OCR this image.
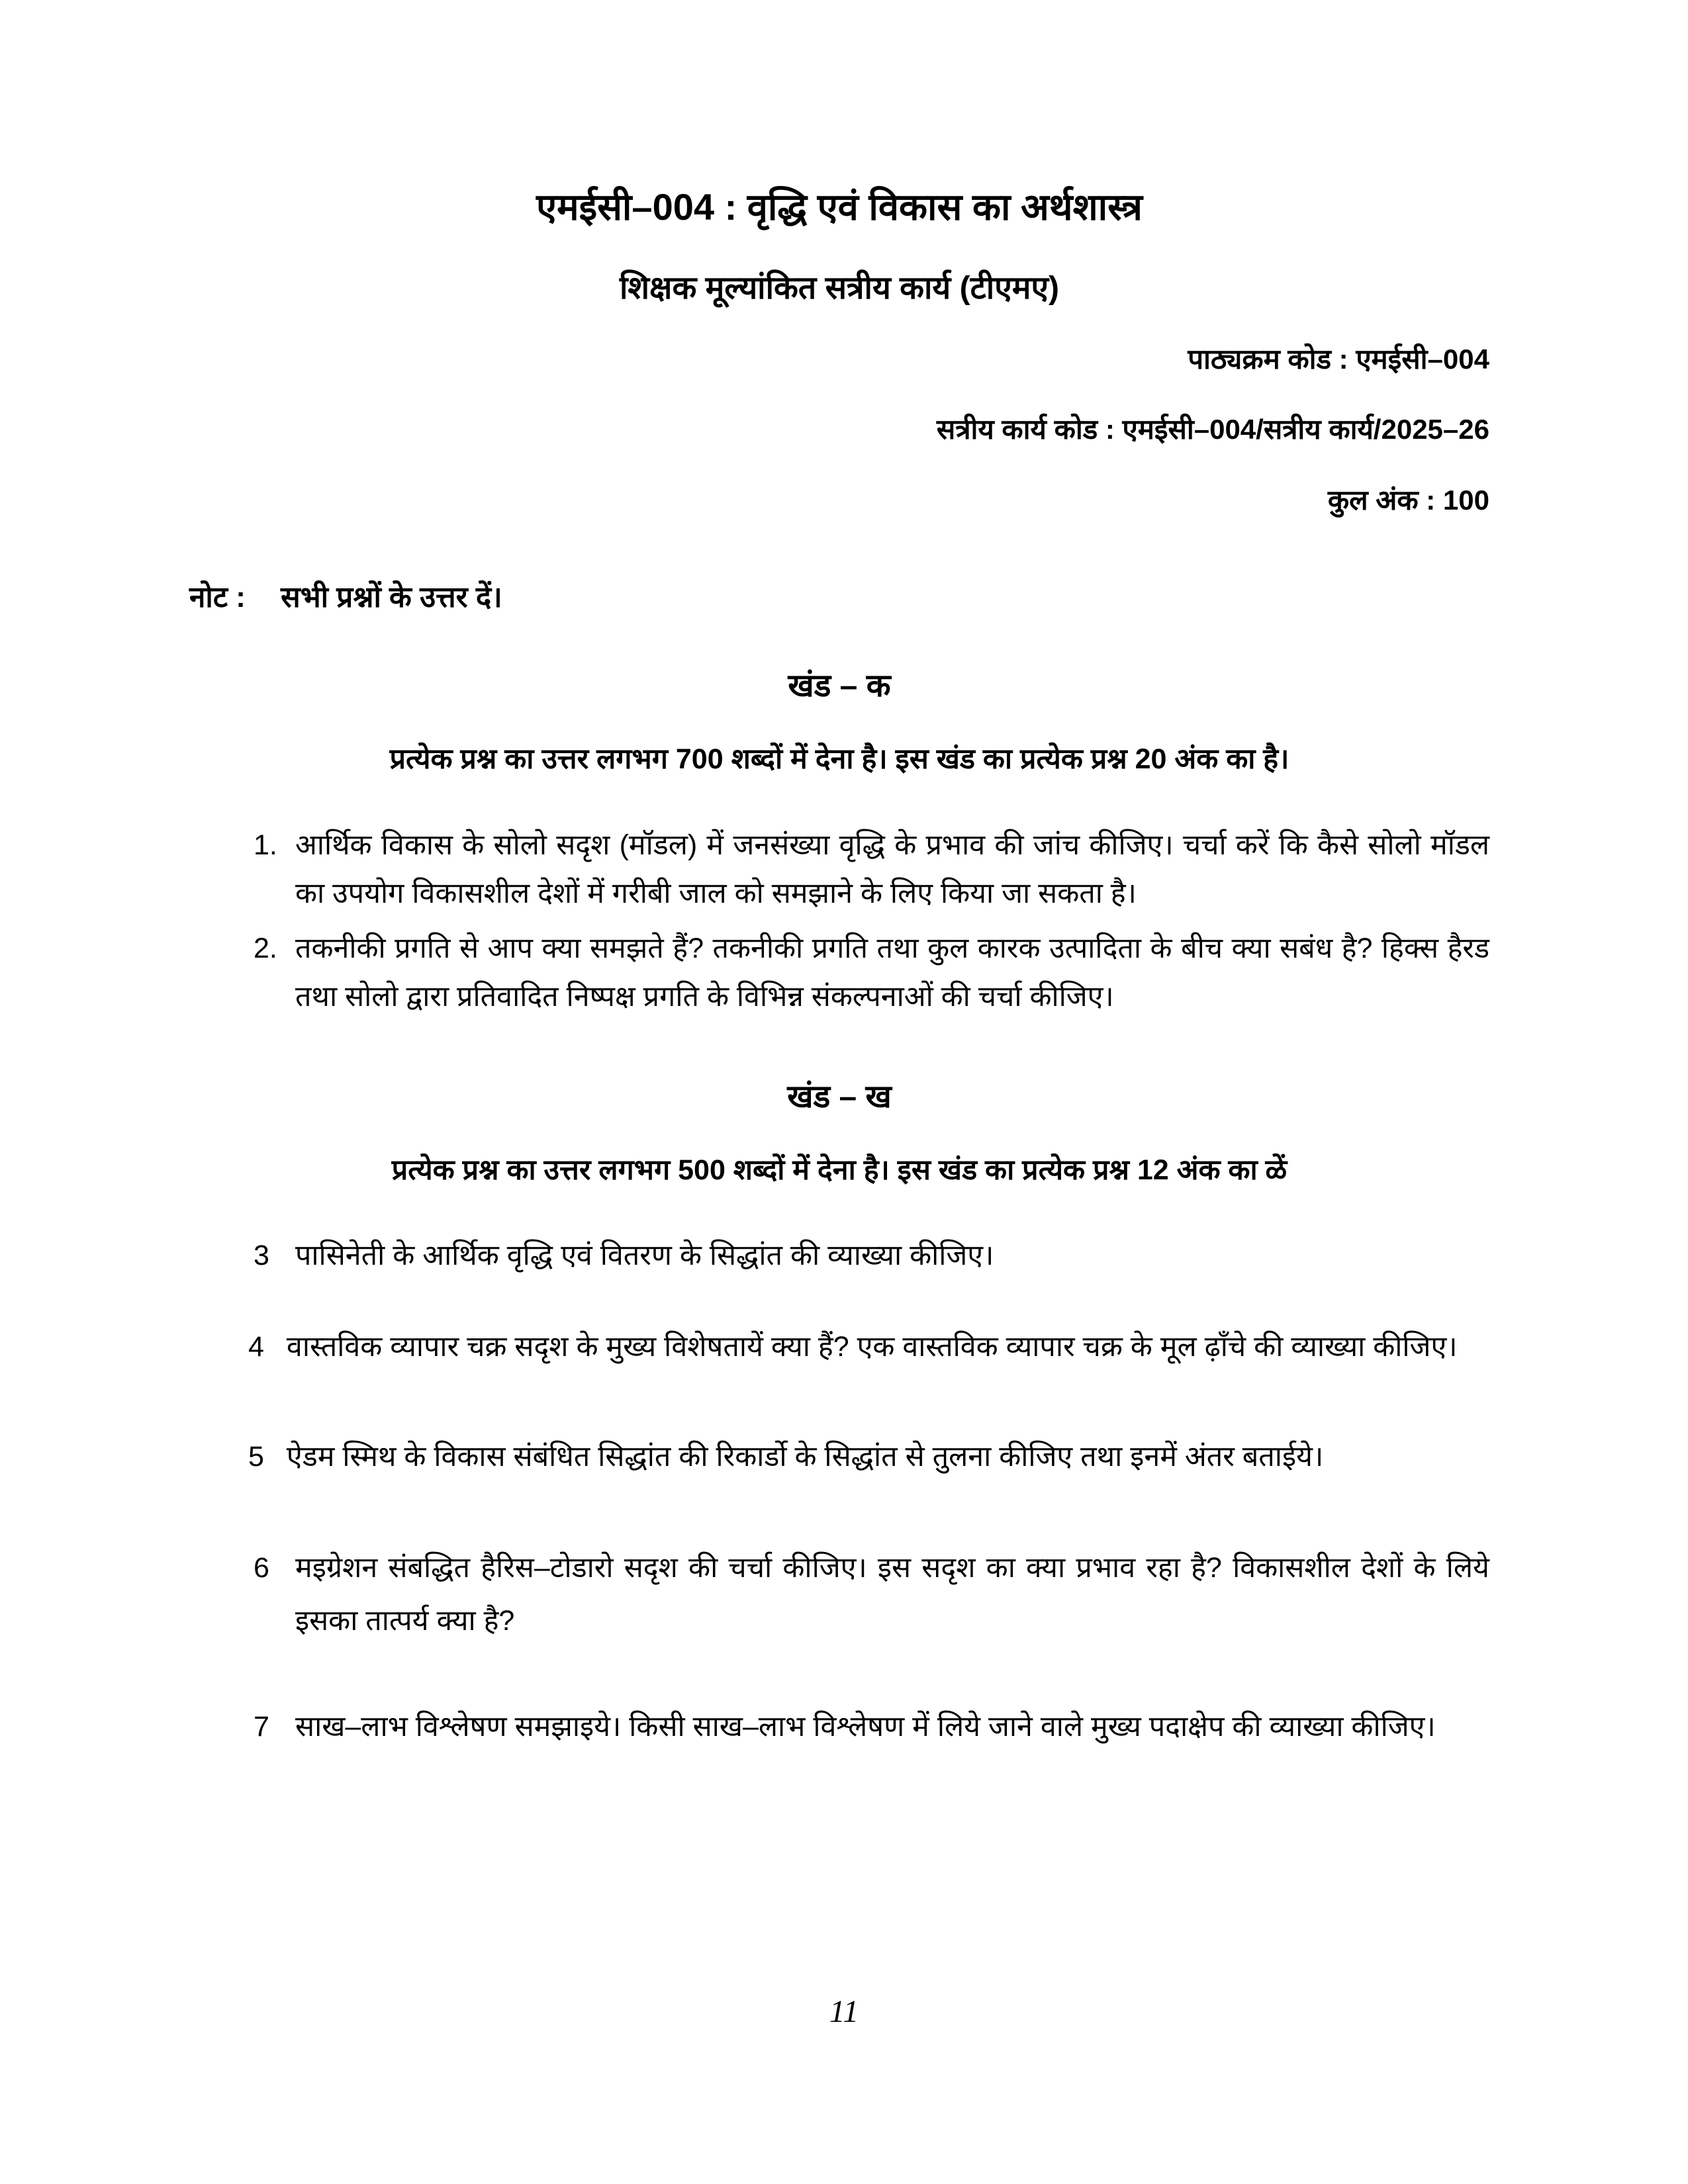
एमईसी–004 : वृद्धि एवं विकास का अर्थशास्त्र
शिक्षक मूल्यांकित सत्रीय कार्य (टीएमए)
पाठ्यक्रम कोड : एमईसी–004
सत्रीय कार्य कोड : एमईसी–004/सत्रीय कार्य/2025–26
कुल अंक : 100
नोट :	सभी प्रश्नों के उत्तर दें।
खंड – क
प्रत्येक प्रश्न का उत्तर लगभग 700 शब्दों में देना है। इस खंड का प्रत्येक प्रश्न 20 अंक का है।
1. आर्थिक विकास के सोलो सदृश (मॉडल) में जनसंख्या वृद्धि के प्रभाव की जांच कीजिए। चर्चा करें कि कैसे सोलो मॉडल का उपयोग विकासशील देशों में गरीबी जाल को समझाने के लिए किया जा सकता है।
2. तकनीकी प्रगति से आप क्या समझते हैं? तकनीकी प्रगति तथा कुल कारक उत्पादिता के बीच क्या सबंध है? हिक्स हैरड तथा सोलो द्वारा प्रतिवादित निष्पक्ष प्रगति के विभिन्न संकल्पनाओं की चर्चा कीजिए।
खंड – ख
प्रत्येक प्रश्न का उत्तर लगभग 500 शब्दों में देना है। इस खंड का प्रत्येक प्रश्न 12 अंक का ळें
3 पासिनेती के आर्थिक वृद्धि एवं वितरण के सिद्धांत की व्याख्या कीजिए।
4 वास्तविक व्यापार चक्र सदृश के मुख्य विशेषतायें क्या हैं? एक वास्तविक व्यापार चक्र के मूल ढ़ाँचे की व्याख्या कीजिए।
5 ऐडम स्मिथ के विकास संबंधित सिद्धांत की रिकार्डो के सिद्धांत से तुलना कीजिए तथा इनमें अंतर बताईये।
6 मइग्रेशन संबद्धित हैरिस–टोडारो सदृश की चर्चा कीजिए। इस सदृश का क्या प्रभाव रहा है? विकासशील देशों के लिये इसका तात्पर्य क्या है?
7 साख–लाभ विश्लेषण समझाइये। किसी साख–लाभ विश्लेषण में लिये जाने वाले मुख्य पदाक्षेप की व्याख्या कीजिए।
11
